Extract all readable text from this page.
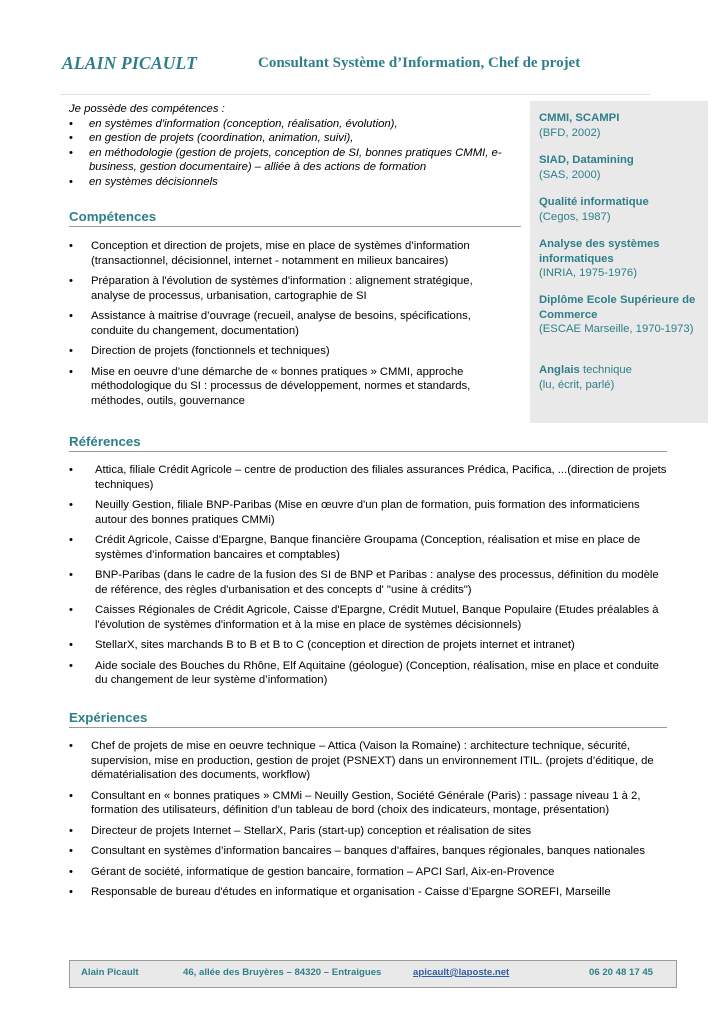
ALAIN PICAULT	Consultant Système d’Information, Chef de projet
Je possède des compétences :
• en systèmes d'information (conception, réalisation, évolution),
• en gestion de projets (coordination, animation, suivi),
• en méthodologie (gestion de projets, conception de SI, bonnes pratiques CMMI, e-business, gestion documentaire) – alliée à des actions de formation
• en systèmes décisionnels
CMMI, SCAMPI
(BFD, 2002)
SIAD, Datamining
(SAS, 2000)
Qualité informatique
(Cegos, 1987)
Analyse des systèmes informatiques
(INRIA, 1975-1976)
Diplôme Ecole Supérieure de Commerce
(ESCAE Marseille, 1970-1973)
Anglais technique
(lu, écrit, parlé)
Compétences
• Conception et direction de projets, mise en place de systèmes d’information (transactionnel, décisionnel, internet - notamment en milieux bancaires)
• Préparation à l'évolution de systèmes d'information : alignement stratégique, analyse de processus, urbanisation, cartographie de SI
• Assistance à maitrise d’ouvrage (recueil, analyse de besoins, spécifications, conduite du changement, documentation)
• Direction de projets (fonctionnels et techniques)
• Mise en oeuvre d’une démarche de « bonnes pratiques » CMMI, approche méthodologique du SI : processus de développement, normes et standards, méthodes, outils, gouvernance
Références
• Attica, filiale Crédit Agricole – centre de production des filiales assurances Prédica, Pacifica, ...(direction de projets techniques)
• Neuilly Gestion, filiale BNP-Paribas (Mise en œuvre d'un plan de formation, puis formation des informaticiens autour des bonnes pratiques CMMi)
• Crédit Agricole, Caisse d'Epargne, Banque financière Groupama (Conception, réalisation et mise en place de systèmes d’information bancaires et comptables)
• BNP-Paribas (dans le cadre de la fusion des SI de BNP et Paribas : analyse des processus, définition du modèle de référence, des règles d'urbanisation et des concepts d' "usine à crédits")
• Caisses Régionales de Crédit Agricole, Caisse d'Epargne, Crédit Mutuel, Banque Populaire (Etudes préalables à l'évolution de systèmes d'information et à la mise en place de systèmes décisionnels)
• StellarX, sites marchands B to B et B to C (conception et direction de projets internet et intranet)
• Aide sociale des Bouches du Rhône, Elf Aquitaine (géologue) (Conception, réalisation, mise en place et conduite du changement de leur système d’information)
Expériences
• Chef de projets de mise en oeuvre technique – Attica (Vaison la Romaine) : architecture technique, sécurité, supervision, mise en production, gestion de projet (PSNEXT) dans un environnement ITIL. (projets d’éditique, de dématérialisation des documents, workflow)
• Consultant en « bonnes pratiques » CMMi – Neuilly Gestion, Société Générale (Paris) : passage niveau 1 à 2, formation des utilisateurs, définition d’un tableau de bord (choix des indicateurs, montage, présentation)
• Directeur de projets Internet – StellarX, Paris (start-up) conception et réalisation de sites
• Consultant en systèmes d’information bancaires – banques d'affaires, banques régionales, banques nationales
• Gérant de société, informatique de gestion bancaire, formation – APCI Sarl, Aix-en-Provence
• Responsable de bureau d'études en informatique et organisation - Caisse d’Epargne SOREFI, Marseille
Alain Picault	46, allée des Bruyères – 84320 – Entraigues	apicault@laposte.net	06 20 48 17 45
